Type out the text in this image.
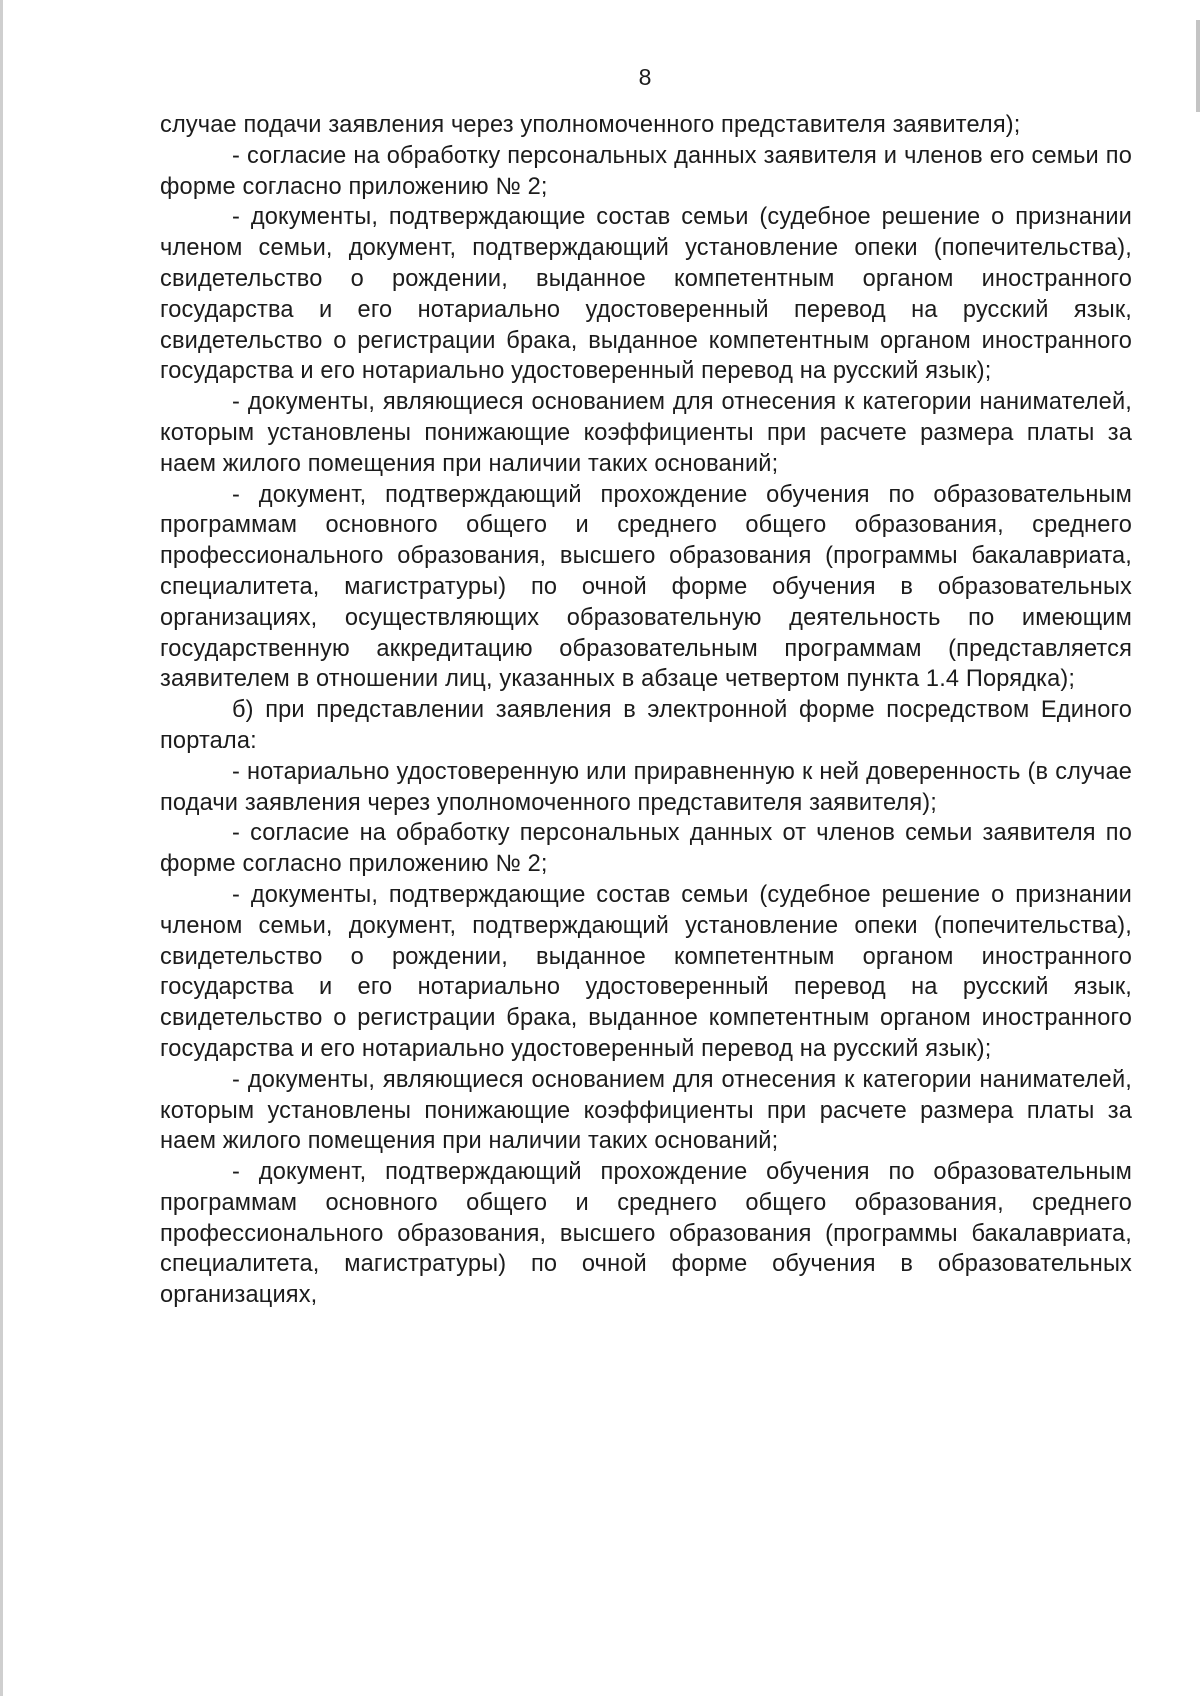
8

случае подачи заявления через уполномоченного представителя заявителя);

- согласие на обработку персональных данных заявителя и членов его семьи по форме согласно приложению № 2;

- документы, подтверждающие состав семьи (судебное решение о признании членом семьи, документ, подтверждающий установление опеки (попечительства), свидетельство о рождении, выданное компетентным органом иностранного государства и его нотариально удостоверенный перевод на русский язык, свидетельство о регистрации брака, выданное компетентным органом иностранного государства и его нотариально удостоверенный перевод на русский язык);

- документы, являющиеся основанием для отнесения к категории нанимателей, которым установлены понижающие коэффициенты при расчете размера платы за наем жилого помещения при наличии таких оснований;

- документ, подтверждающий прохождение обучения по образовательным программам основного общего и среднего общего образования, среднего профессионального образования, высшего образования (программы бакалавриата, специалитета, магистратуры) по очной форме обучения в образовательных организациях, осуществляющих образовательную деятельность по имеющим государственную аккредитацию образовательным программам (представляется заявителем в отношении лиц, указанных в абзаце четвертом пункта 1.4 Порядка);

б) при представлении заявления в электронной форме посредством Единого портала:

- нотариально удостоверенную или приравненную к ней доверенность (в случае подачи заявления через уполномоченного представителя заявителя);

- согласие на обработку персональных данных от членов семьи заявителя по форме согласно приложению № 2;

- документы, подтверждающие состав семьи (судебное решение о признании членом семьи, документ, подтверждающий установление опеки (попечительства), свидетельство о рождении, выданное компетентным органом иностранного государства и его нотариально удостоверенный перевод на русский язык, свидетельство о регистрации брака, выданное компетентным органом иностранного государства и его нотариально удостоверенный перевод на русский язык);

- документы, являющиеся основанием для отнесения к категории нанимателей, которым установлены понижающие коэффициенты при расчете размера платы за наем жилого помещения при наличии таких оснований;

- документ, подтверждающий прохождение обучения по образовательным программам основного общего и среднего общего образования, среднего профессионального образования, высшего образования (программы бакалавриата, специалитета, магистратуры) по очной форме обучения в образовательных организациях,
